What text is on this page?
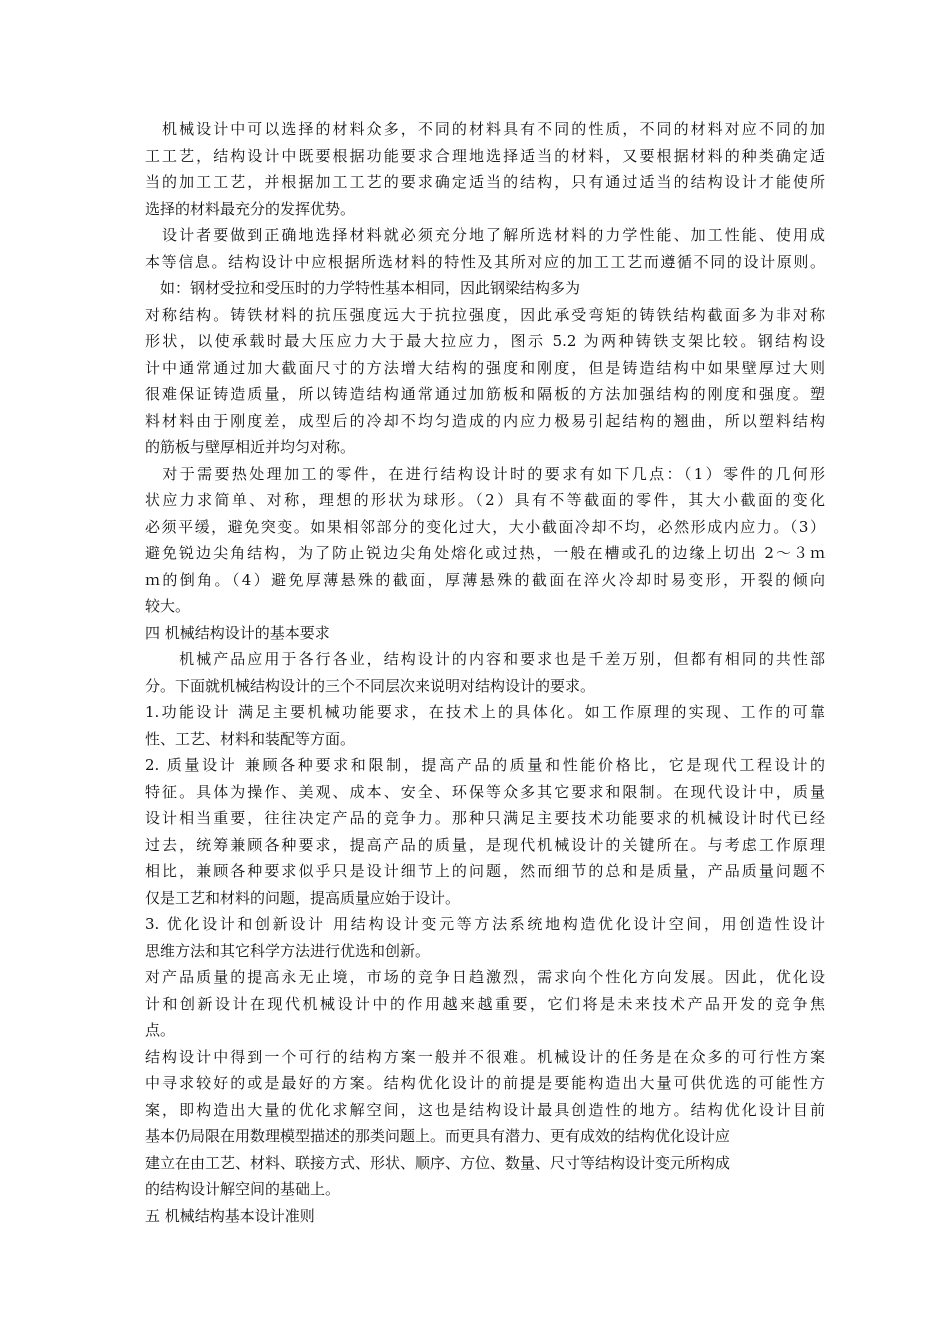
　机械设计中可以选择的材料众多，不同的材料具有不同的性质，不同的材料对应不同的加
工工艺，结构设计中既要根据功能要求合理地选择适当的材料，又要根据材料的种类确定适
当的加工工艺，并根据加工工艺的要求确定适当的结构，只有通过适当的结构设计才能使所
选择的材料最充分的发挥优势。
　设计者要做到正确地选择材料就必须充分地了解所选材料的力学性能、加工性能、使用成
本等信息。结构设计中应根据所选材料的特性及其所对应的加工工艺而遵循不同的设计原则。
　如：钢材受拉和受压时的力学特性基本相同，因此钢梁结构多为
对称结构。铸铁材料的抗压强度远大于抗拉强度，因此承受弯矩的铸铁结构截面多为非对称
形状，以使承载时最大压应力大于最大拉应力，图示 5.2 为两种铸铁支架比较。钢结构设
计中通常通过加大截面尺寸的方法增大结构的强度和刚度，但是铸造结构中如果壁厚过大则
很难保证铸造质量，所以铸造结构通常通过加筋板和隔板的方法加强结构的刚度和强度。塑
料材料由于刚度差，成型后的冷却不均匀造成的内应力极易引起结构的翘曲，所以塑料结构
的筋板与壁厚相近并均匀对称。
　对于需要热处理加工的零件，在进行结构设计时的要求有如下几点：（1）零件的几何形
状应力求简单、对称，理想的形状为球形。（2）具有不等截面的零件，其大小截面的变化
必须平缓，避免突变。如果相邻部分的变化过大，大小截面冷却不均，必然形成内应力。（3）
避免锐边尖角结构，为了防止锐边尖角处熔化或过热，一般在槽或孔的边缘上切出 2～３ｍ
ｍ的倒角。（4）避免厚薄悬殊的截面，厚薄悬殊的截面在淬火冷却时易变形，开裂的倾向
较大。
四 机械结构设计的基本要求
　　机械产品应用于各行各业，结构设计的内容和要求也是千差万别，但都有相同的共性部
分。下面就机械结构设计的三个不同层次来说明对结构设计的要求。
1.功能设计 满足主要机械功能要求，在技术上的具体化。如工作原理的实现、工作的可靠
性、工艺、材料和装配等方面。
2. 质量设计 兼顾各种要求和限制，提高产品的质量和性能价格比，它是现代工程设计的
特征。具体为操作、美观、成本、安全、环保等众多其它要求和限制。在现代设计中，质量
设计相当重要，往往决定产品的竞争力。那种只满足主要技术功能要求的机械设计时代已经
过去，统筹兼顾各种要求，提高产品的质量，是现代机械设计的关键所在。与考虑工作原理
相比，兼顾各种要求似乎只是设计细节上的问题，然而细节的总和是质量，产品质量问题不
仅是工艺和材料的问题，提高质量应始于设计。
3. 优化设计和创新设计 用结构设计变元等方法系统地构造优化设计空间，用创造性设计
思维方法和其它科学方法进行优选和创新。
对产品质量的提高永无止境，市场的竞争日趋激烈，需求向个性化方向发展。因此，优化设
计和创新设计在现代机械设计中的作用越来越重要，它们将是未来技术产品开发的竞争焦
点。
结构设计中得到一个可行的结构方案一般并不很难。机械设计的任务是在众多的可行性方案
中寻求较好的或是最好的方案。结构优化设计的前提是要能构造出大量可供优选的可能性方
案，即构造出大量的优化求解空间，这也是结构设计最具创造性的地方。结构优化设计目前
基本仍局限在用数理模型描述的那类问题上。而更具有潜力、更有成效的结构优化设计应
建立在由工艺、材料、联接方式、形状、顺序、方位、数量、尺寸等结构设计变元所构成
的结构设计解空间的基础上。
五 机械结构基本设计准则
